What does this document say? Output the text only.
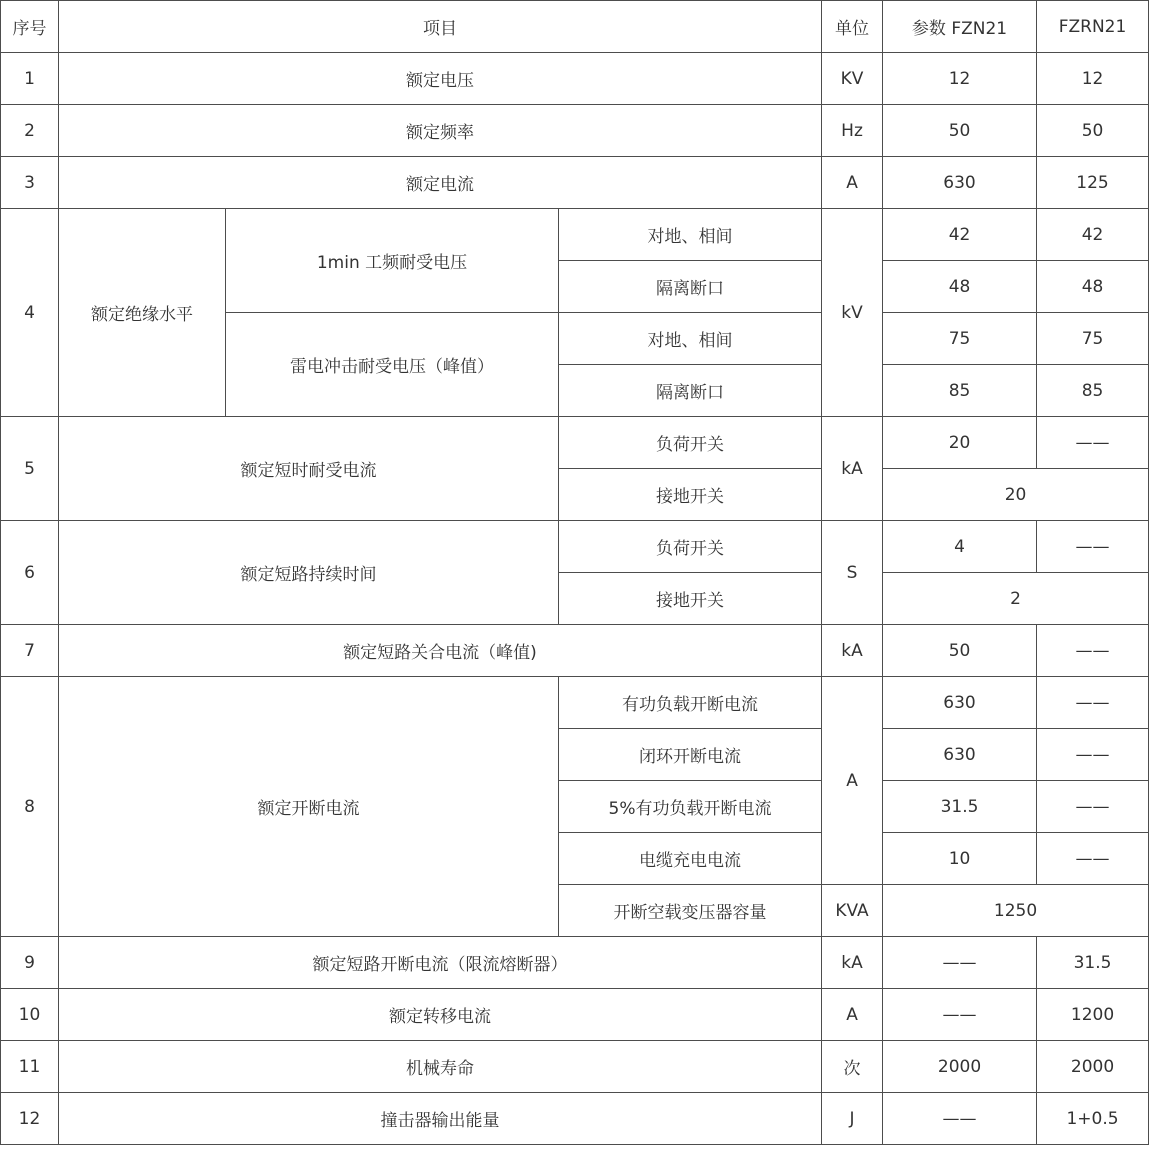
序号	项目			单位	参数 FZN21	FZRN21
1	额定电压			KV	12	12
2	额定频率			Hz	50	50
3	额定电流			A	630	125
4	额定绝缘水平	1min 工频耐受电压	对地、相间	kV	42	42
			隔离断口		48	48
		雷电冲击耐受电压（峰值）	对地、相间		75	75
			隔离断口		85	85
5	额定短时耐受电流		负荷开关	kA	20	——
			接地开关		20	
6	额定短路持续时间		负荷开关	S	4	——
			接地开关		2	
7	额定短路关合电流（峰值)			kA	50	——
8	额定开断电流		有功负载开断电流	A	630	——
			闭环开断电流		630	——
			5%有功负载开断电流		31.5	——
			电缆充电电流		10	——
			开断空载变压器容量	KVA	1250	
9	额定短路开断电流（限流熔断器）			kA	——	31.5
10	额定转移电流			A	——	1200
11	机械寿命			次	2000	2000
12	撞击器输出能量			J	——	1+0.5
